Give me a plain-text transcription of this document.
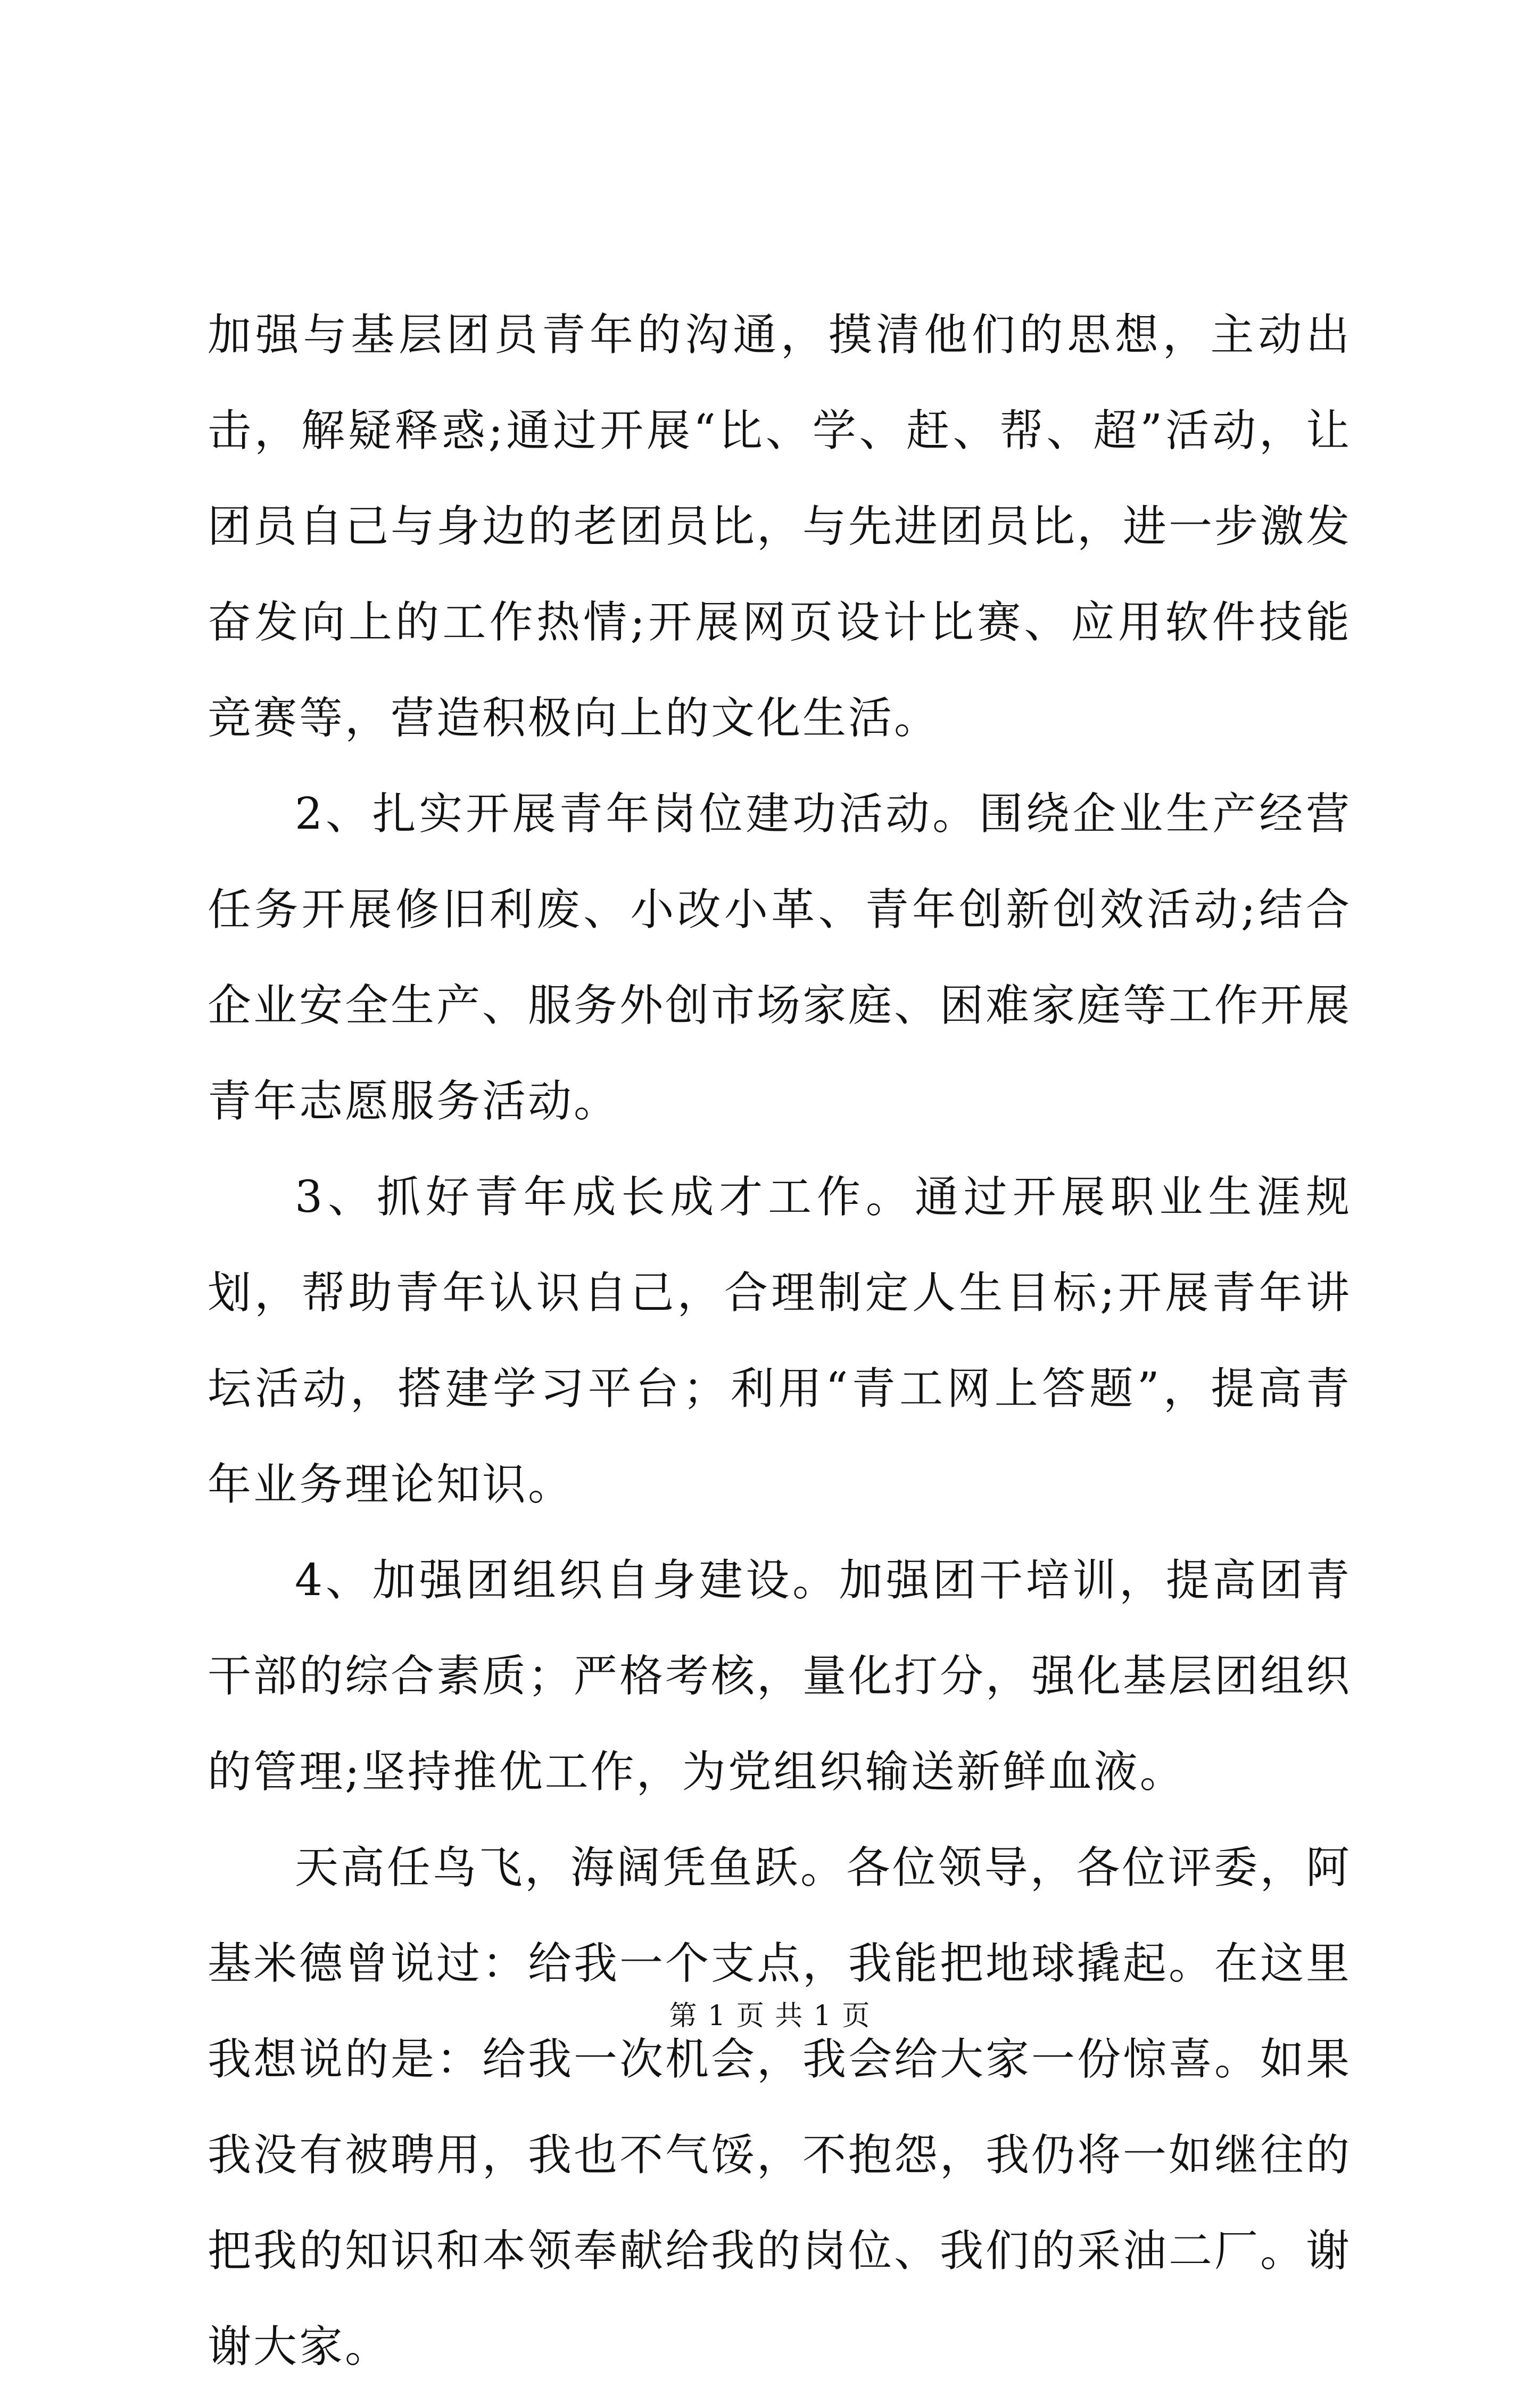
加强与基层团员青年的沟通，摸清他们的思想，主动出击，解疑释惑;通过开展“比、学、赶、帮、超”活动，让团员自己与身边的老团员比，与先进团员比，进一步激发奋发向上的工作热情;开展网页设计比赛、应用软件技能竞赛等，营造积极向上的文化生活。

2、扎实开展青年岗位建功活动。围绕企业生产经营任务开展修旧利废、小改小革、青年创新创效活动;结合企业安全生产、服务外创市场家庭、困难家庭等工作开展青年志愿服务活动。

3、抓好青年成长成才工作。通过开展职业生涯规划，帮助青年认识自己，合理制定人生目标;开展青年讲坛活动，搭建学习平台；利用“青工网上答题”，提高青年业务理论知识。

4、加强团组织自身建设。加强团干培训，提高团青干部的综合素质；严格考核，量化打分，强化基层团组织的管理;坚持推优工作，为党组织输送新鲜血液。

天高任鸟飞，海阔凭鱼跃。各位领导，各位评委，阿基米德曾说过：给我一个支点，我能把地球撬起。在这里我想说的是：给我一次机会，我会给大家一份惊喜。如果我没有被聘用，我也不气馁，不抱怨，我仍将一如继往的把我的知识和本领奉献给我的岗位、我们的采油二厂。谢谢大家。

第 1 页 共 1 页
